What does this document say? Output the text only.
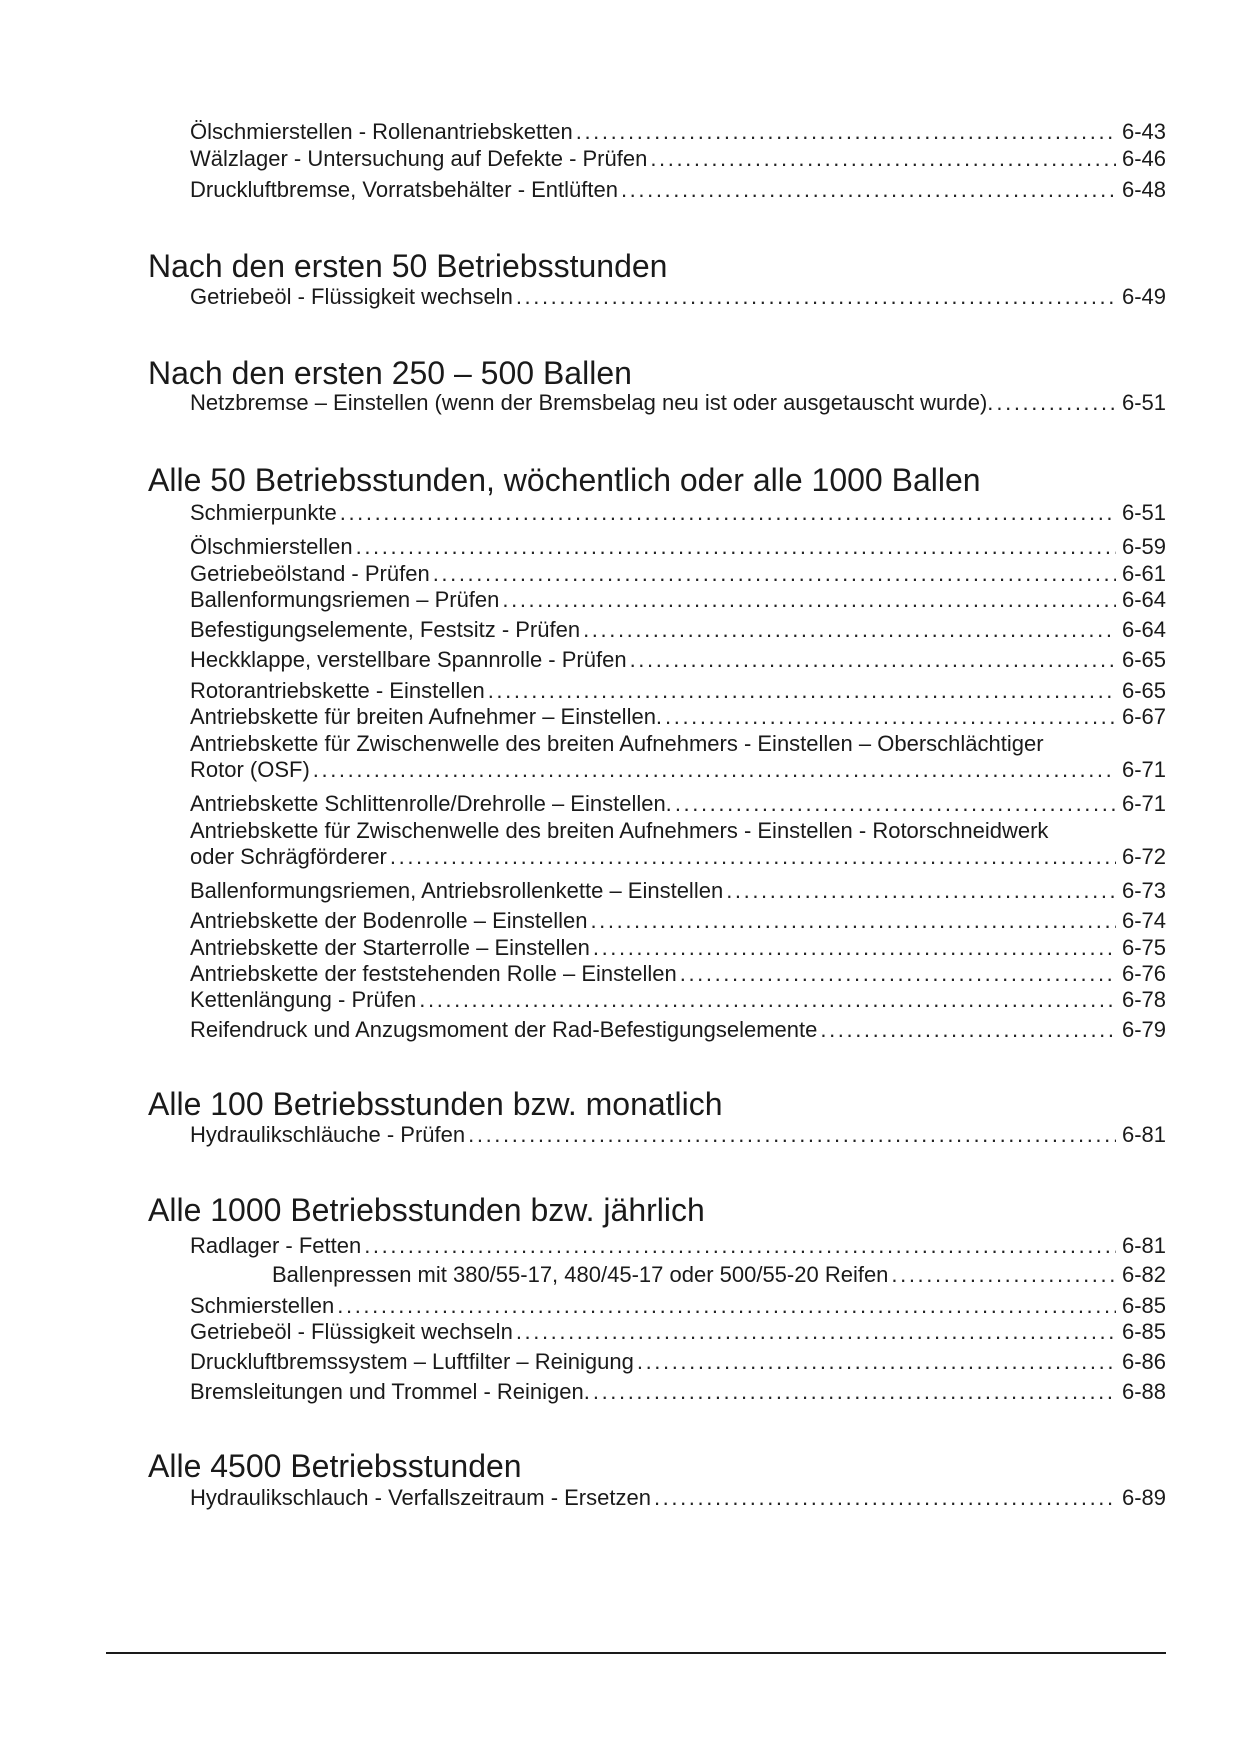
Ölschmierstellen - Rollenantriebsketten .....	6-43
Wälzlager - Untersuchung auf Defekte - Prüfen .....	6-46
Druckluftbremse, Vorratsbehälter - Entlüften .....	6-48
Nach den ersten 50 Betriebsstunden
Getriebeöl - Flüssigkeit wechseln .....	6-49
Nach den ersten 250 – 500 Ballen
Netzbremse – Einstellen (wenn der Bremsbelag neu ist oder ausgetauscht wurde). .....	6-51
Alle 50 Betriebsstunden, wöchentlich oder alle 1000 Ballen
Schmierpunkte .....	6-51
Ölschmierstellen .....	6-59
Getriebeölstand - Prüfen .....	6-61
Ballenformungsriemen – Prüfen .....	6-64
Befestigungselemente, Festsitz - Prüfen .....	6-64
Heckklappe, verstellbare Spannrolle - Prüfen .....	6-65
Rotorantriebskette - Einstellen .....	6-65
Antriebskette für breiten Aufnehmer – Einstellen. .....	6-67
Antriebskette für Zwischenwelle des breiten Aufnehmers - Einstellen – Oberschlächtiger
Rotor (OSF) .....	6-71
Antriebskette Schlittenrolle/Drehrolle – Einstellen. .....	6-71
Antriebskette für Zwischenwelle des breiten Aufnehmers - Einstellen - Rotorschneidwerk
oder Schrägförderer .....	6-72
Ballenformungsriemen, Antriebsrollenkette – Einstellen .....	6-73
Antriebskette der Bodenrolle – Einstellen .....	6-74
Antriebskette der Starterrolle – Einstellen .....	6-75
Antriebskette der feststehenden Rolle – Einstellen .....	6-76
Kettenlängung - Prüfen .....	6-78
Reifendruck und Anzugsmoment der Rad-Befestigungselemente .....	6-79
Alle 100 Betriebsstunden bzw. monatlich
Hydraulikschläuche - Prüfen .....	6-81
Alle 1000 Betriebsstunden bzw. jährlich
Radlager - Fetten .....	6-81
Ballenpressen mit 380/55-17, 480/45-17 oder 500/55-20 Reifen .....	6-82
Schmierstellen .....	6-85
Getriebeöl - Flüssigkeit wechseln .....	6-85
Druckluftbremssystem – Luftfilter – Reinigung .....	6-86
Bremsleitungen und Trommel - Reinigen. .....	6-88
Alle 4500 Betriebsstunden
Hydraulikschlauch - Verfallszeitraum - Ersetzen .....	6-89
